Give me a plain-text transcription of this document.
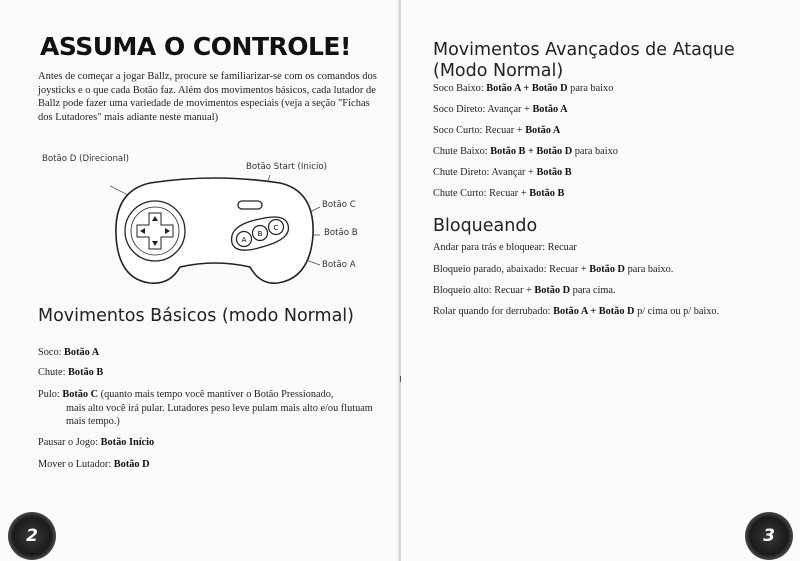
ASSUMA O CONTROLE!

Antes de começar a jogar Ballz, procure se familiarizar-se com os comandos dos joysticks e o que cada Botão faz. Além dos movimentos básicos, cada lutador de Ballz pode fazer uma variedade de movimentos especiais (veja a seção "Fichas dos Lutadores" mais adiante neste manual)

Botão D (Direcional)

Botão Start (Inicio)

Botão C

Botão B

Botão A

A
B
C
Movimentos Básicos (modo Normal)

Soco: Botão A

Chute: Botão B

Pulo: Botão C (quanto mais tempo você mantiver o Botão Pressionado,
mais alto você irá pular. Lutadores peso leve pulam mais alto e/ou flutuam mais tempo.)

Pausar o Jogo: Botão Início

Mover o Lutador: Botão D

2
Movimentos Avançados de Ataque (Modo Normal)

Soco Baixo: Botão A + Botão D para baixo

Soco Direto: Avançar + Botão A

Soco Curto: Recuar + Botão A

Chute Baixo: Botão B + Botão D para baixo

Chute Direto: Avançar + Botão B

Chute Curto: Recuar + Botão B

Bloqueando

Andar para trás e bloquear: Recuar

Bloqueio parado, abaixado: Recuar + Botão D para baixo.

Bloqueio alto: Recuar + Botão D para cima.

Rolar quando for derrubado: Botão A + Botão D p/ cima ou p/ baixo.

3
